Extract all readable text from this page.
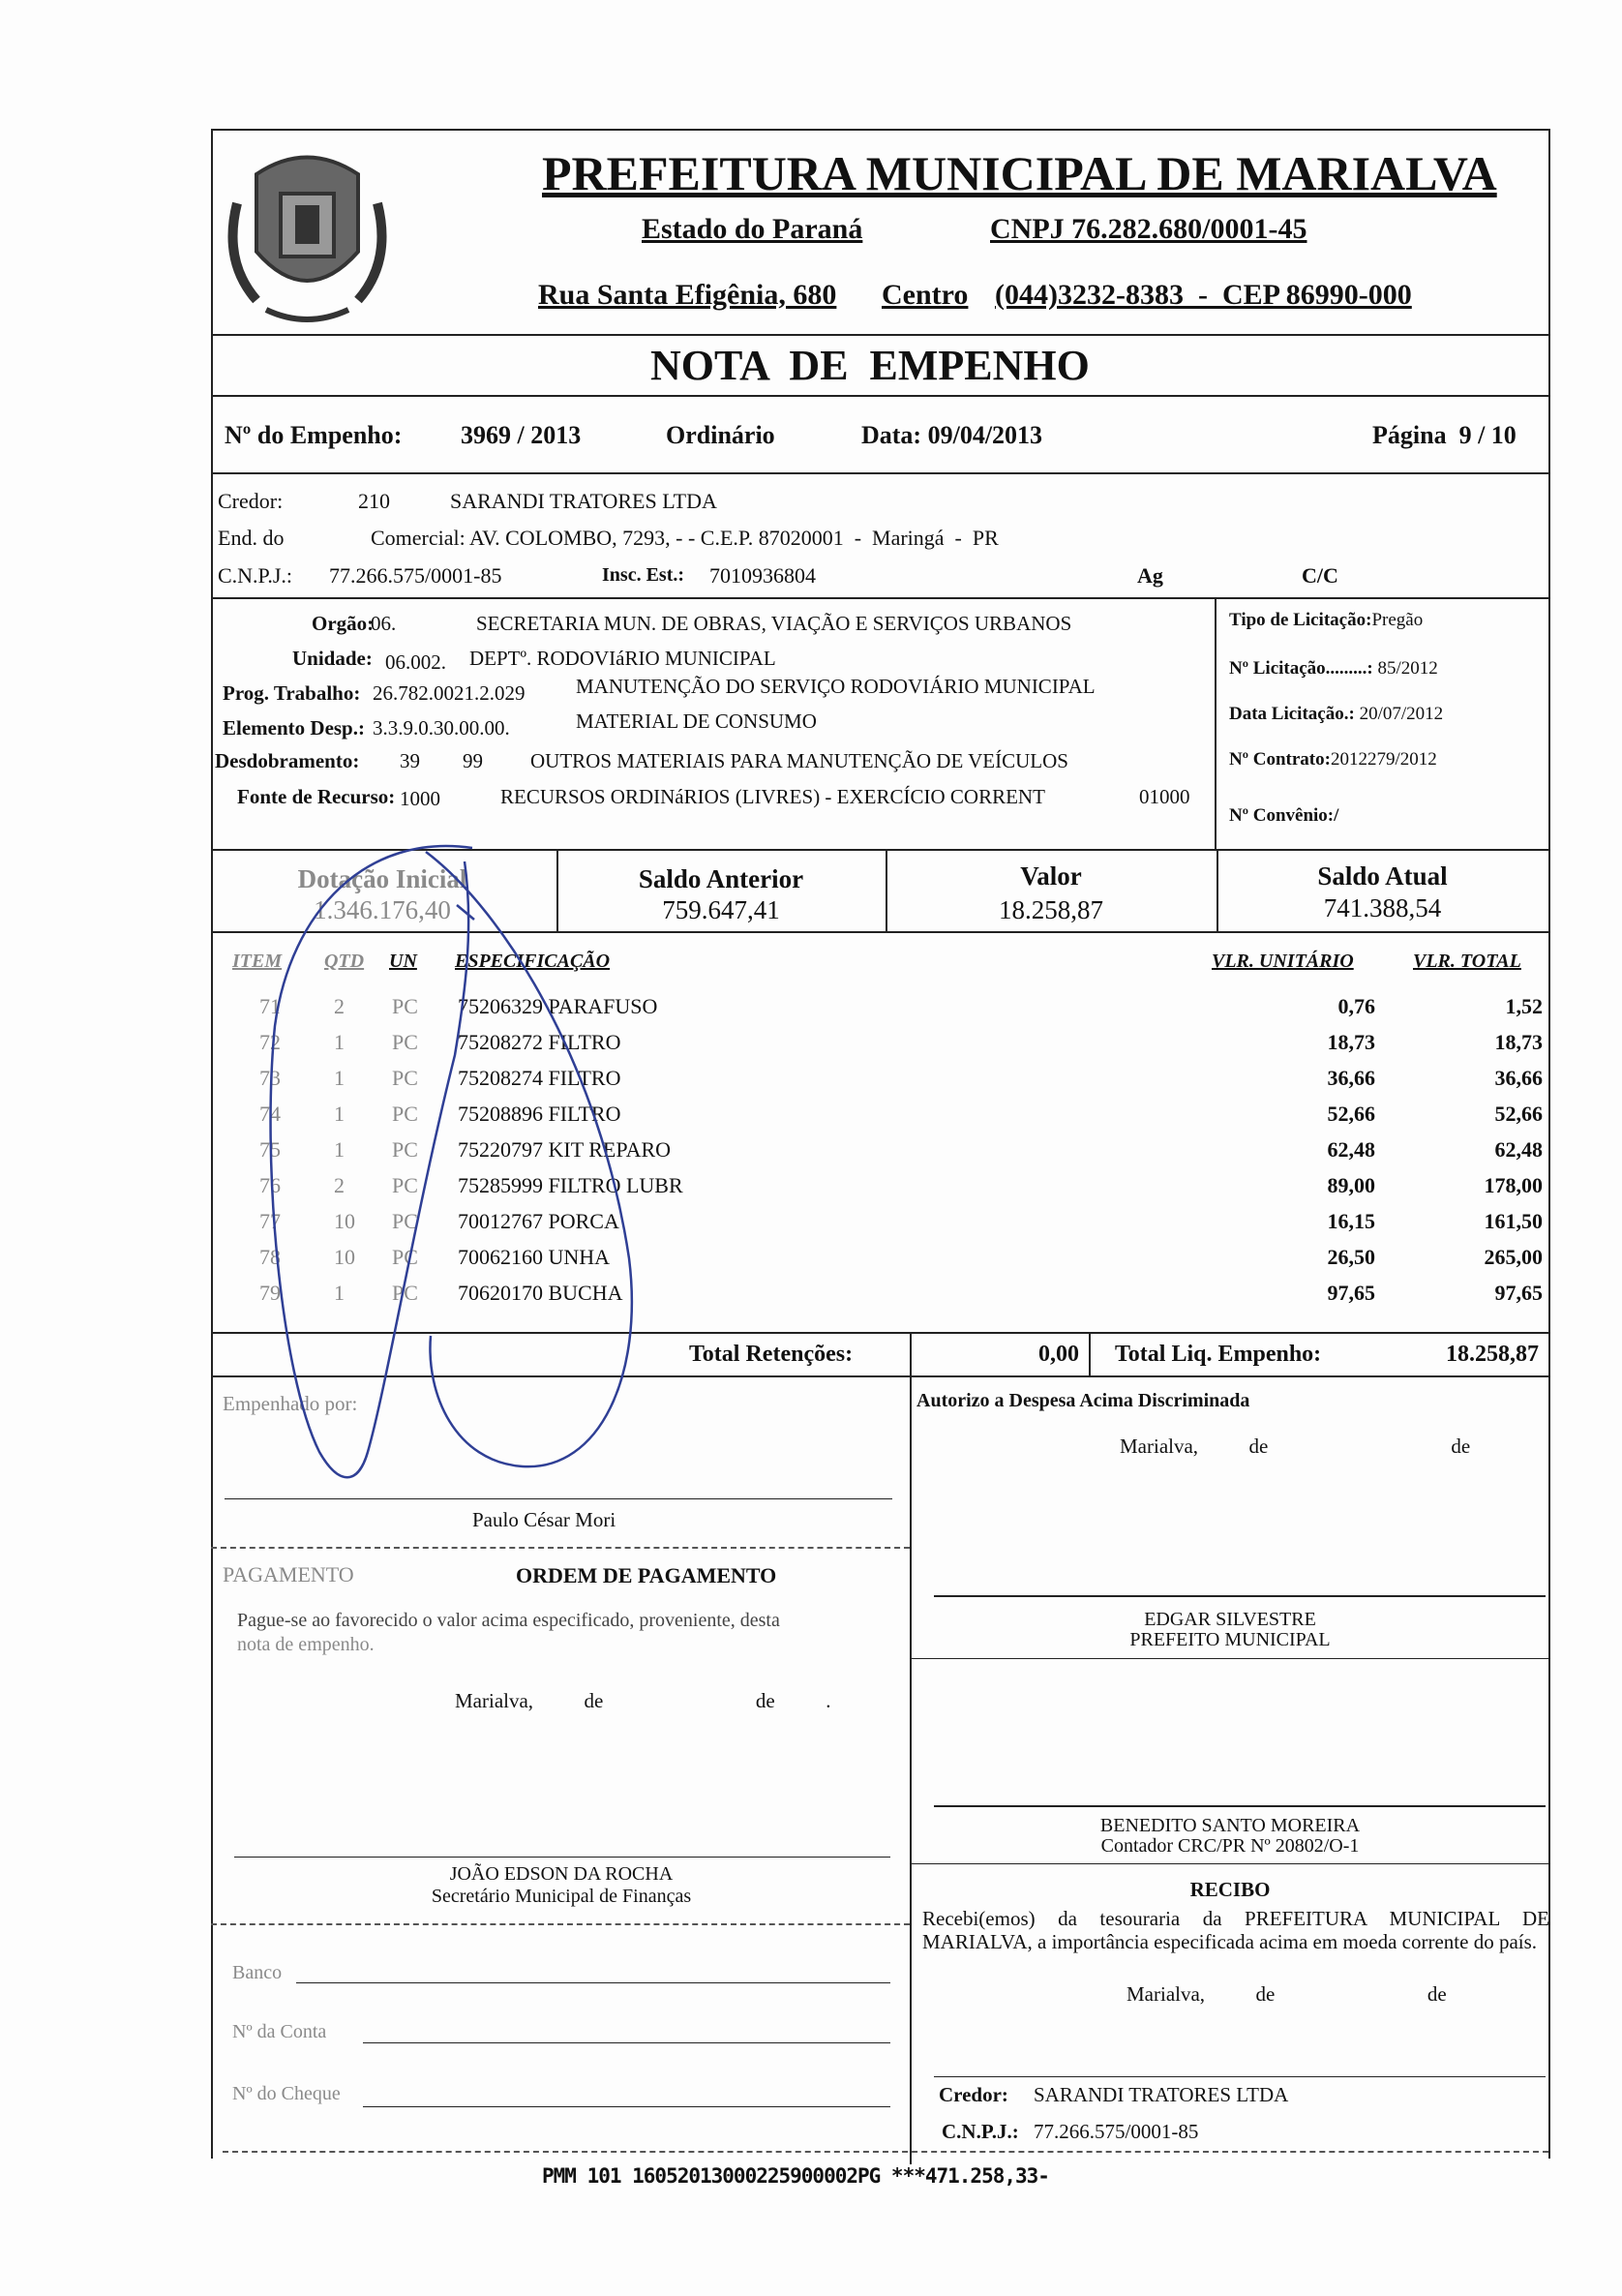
PREFEITURA MUNICIPAL DE MARIALVA
Estado do Paraná	CNPJ 76.282.680/0001-45
Rua Santa Efigênia, 680 Centro (044)3232-8383  -  CEP 86990-000
NOTA  DE  EMPENHO
Nº do Empenho: 3969 / 2013	Ordinário	Data: 09/04/2013	Página  9 / 10
Credor:	210	SARANDI TRATORES LTDA
End. do	Comercial: AV. COLOMBO, 7293, - - C.E.P. 87020001  -  Maringá  -  PR
C.N.P.J.: 77.266.575/0001-85	Insc. Est.: 7010936804	Ag	C/C
Orgão:
06.	SECRETARIA MUN. DE OBRAS, VIAÇÃO E SERVIÇOS URBANOS
Unidade: 06.002. DEPTº. RODOVIáRIO MUNICIPAL
Prog. Trabalho: 26.782.0021.2.029	MANUTENÇÃO DO SERVIÇO RODOVIÁRIO MUNICIPAL
Elemento Desp.: 3.3.9.0.30.00.00.	MATERIAL DE CONSUMO
Desdobramento: 39 99 OUTROS MATERIAIS PARA MANUTENÇÃO DE VEÍCULOS
Fonte de Recurso: 1000	RECURSOS ORDINáRIOS (LIVRES) - EXERCÍCIO CORRENT	01000
Tipo de Licitação:Pregão
Nº Licitação.........: 85/2012
Data Licitação.: 20/07/2012
Nº Contrato:2012279/2012
Nº Convênio:/
Dotação Inicial
1.346.176,40
Saldo Anterior
759.647,41
Valor
18.258,87
Saldo Atual
741.388,54
ITEM QTD UN ESPECIFICAÇÃO	VLR. UNITÁRIO	VLR. TOTAL
71	2 PC 75206329 PARAFUSO	0,76	1,52
72	1 PC 75208272 FILTRO	18,73	18,73
73	1 PC 75208274 FILTRO	36,66	36,66
74	1 PC 75208896 FILTRO	52,66	52,66
75	1 PC 75220797 KIT REPARO	62,48	62,48
76	2 PC 75285999 FILTRO LUBR	89,00	178,00
77	10 PC 70012767 PORCA	16,15	161,50
78	10 PC 70062160 UNHA	26,50	265,00
79	1 PC 70620170 BUCHA	97,65	97,65
Total Retenções:	0,00 Total Liq. Empenho:	18.258,87
Empenhado por:	Autorizo a Despesa Acima Discriminada
Marialva,          de                                    de
Paulo César Mori
PAGAMENTO	ORDEM DE PAGAMENTO
Pague-se ao favorecido o valor acima especificado, proveniente, desta
nota de empenho.
Marialva,          de                              de          .
EDGAR SILVESTRE
PREFEITO MUNICIPAL
BENEDITO SANTO MOREIRA
Contador CRC/PR Nº 20802/O-1
JOÃO EDSON DA ROCHA
Secretário Municipal de Finanças	RECIBO
Recebi(emos) da tesouraria da PREFEITURA MUNICIPAL DE MARIALVA, a importância especificada acima em moeda corrente do país.
Marialva,          de                              de
Banco
Nº da Conta
Nº do Cheque	Credor: SARANDI TRATORES LTDA
C.N.P.J.: 77.266.575/0001-85
PMM 101 16052013000225900002PG ***471.258,33-
